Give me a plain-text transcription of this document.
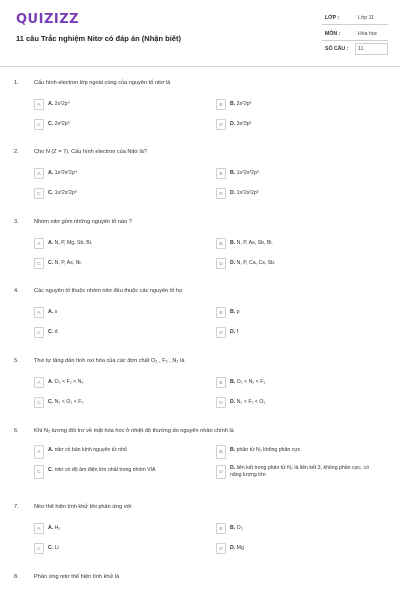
QUIZIZZ
11 câu Trắc nghiệm Nitơ có đáp án (Nhận biết)
LỚP :	Lớp 11
MÔN :	Hóa học
SỐ CÂU : 11
1.	Cấu hình electron lớp ngoài cùng của nguyên tố nitơ là
A	A. 2s²2p⁴	B	B. 2s²2p³
C	C. 2s²2p⁵	D	D. 3s²3p³
2.	Cho N (Z = 7). Cấu hình electron của Nitơ là?
A	A. 1s²2s²2p⁴	B	B. 1s²2s²2p⁶
C	C. 1s²2s²2p³	D	D. 1s²2s²2p⁵
3.	Nhóm nitơ gồm những nguyên tố nào ?
A	A. N, P, Mg, Sb, Bi.	B	B. N, P, As, Sb, Bi.
C	C. N, P, As, Ni.	D	D. N, P, Ca, Cs, Sb.
4.	Các nguyên tố thuộc nhóm nitơ đều thuộc các nguyên tố họ
A	A. s	B	B. p
C	C. d	D	D. f
5.	Thứ tự tăng dần tính oxi hóa của các đơn chất O₂ , F₂ , N₂ là
A	A. O₂ < F₂ < N₂	B	B. O₂ < N₂ < F₂
C	C. N₂ < O₂ < F₂	D	D. N₂ < F₂ < O₂
6.	Khí N₂ tương đối trơ về mặt hóa học ở nhiệt độ thường do nguyên nhân chính là
A	A. nitơ có bán kính nguyên tử nhỏ	B	B. phân tử N₂ không phân cực
C	C. nitơ có độ âm điện lớn nhất trong nhóm VIA	D
D. liên kết trong phân tử N₂ là liên kết 3, không phân cực, có năng lượng lớn
7.	Nitơ thể hiện tính khử khi phản ứng với
A	A. H₂	B	B. O₂
C	C. Li	D	D. Mg
8.	Phản ứng nitơ thể hiện tính khử là
